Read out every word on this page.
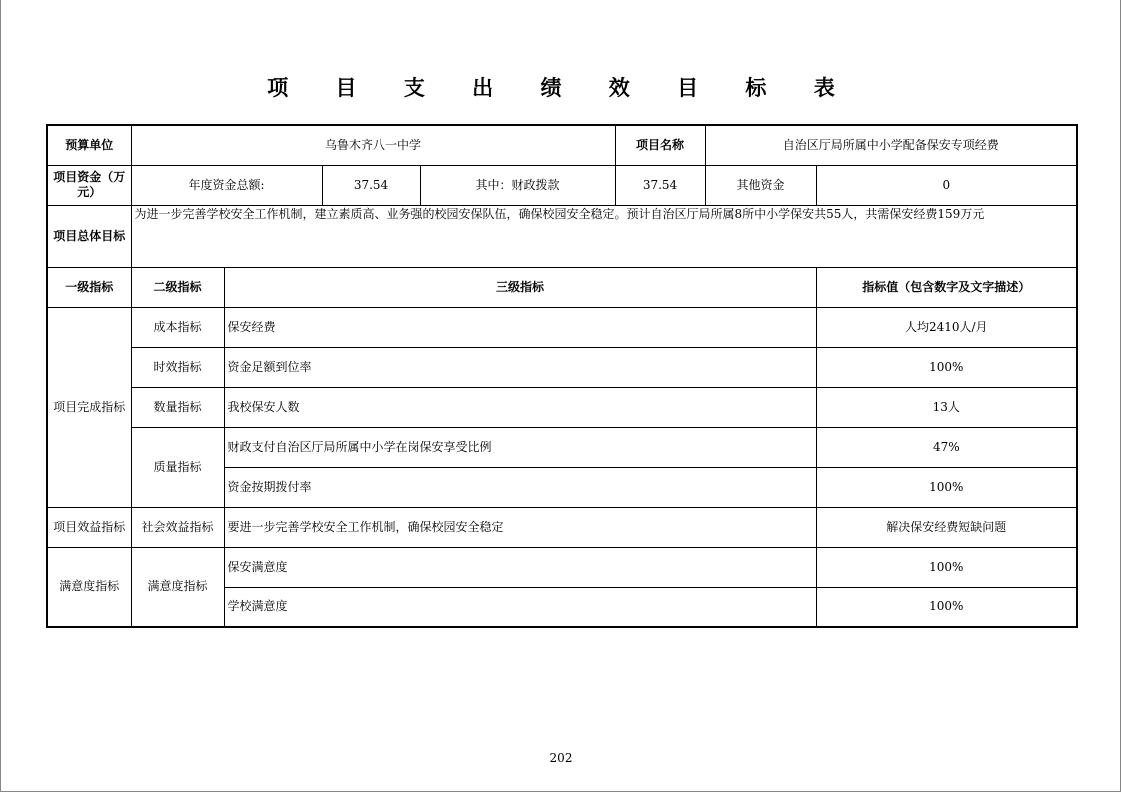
项 目 支 出 绩 效 目 标 表
预算单位	乌鲁木齐八一中学				项目名称	自治区厅局所属中小学配备保安专项经费	
项目资金（万元）	年度资金总额:		37.54	其中：财政拨款	37.54	其他资金	0
项目总体目标	为进一步完善学校安全工作机制，建立素质高、业务强的校园安保队伍，确保校园安全稳定。预计自治区厅局所属8所中小学保安共55人，共需保安经费159万元						
一级指标	二级指标	三级指标					指标值（包含数字及文字描述）
项目完成指标	成本指标	保安经费					人均2410人/月
	时效指标	资金足额到位率					100%
	数量指标	我校保安人数					13人
	质量指标	财政支付自治区厅局所属中小学在岗保安享受比例					47%
		资金按期拨付率					100%
项目效益指标	社会效益指标	要进一步完善学校安全工作机制，确保校园安全稳定					解决保安经费短缺问题
满意度指标	满意度指标	保安满意度					100%
		学校满意度					100%
202
